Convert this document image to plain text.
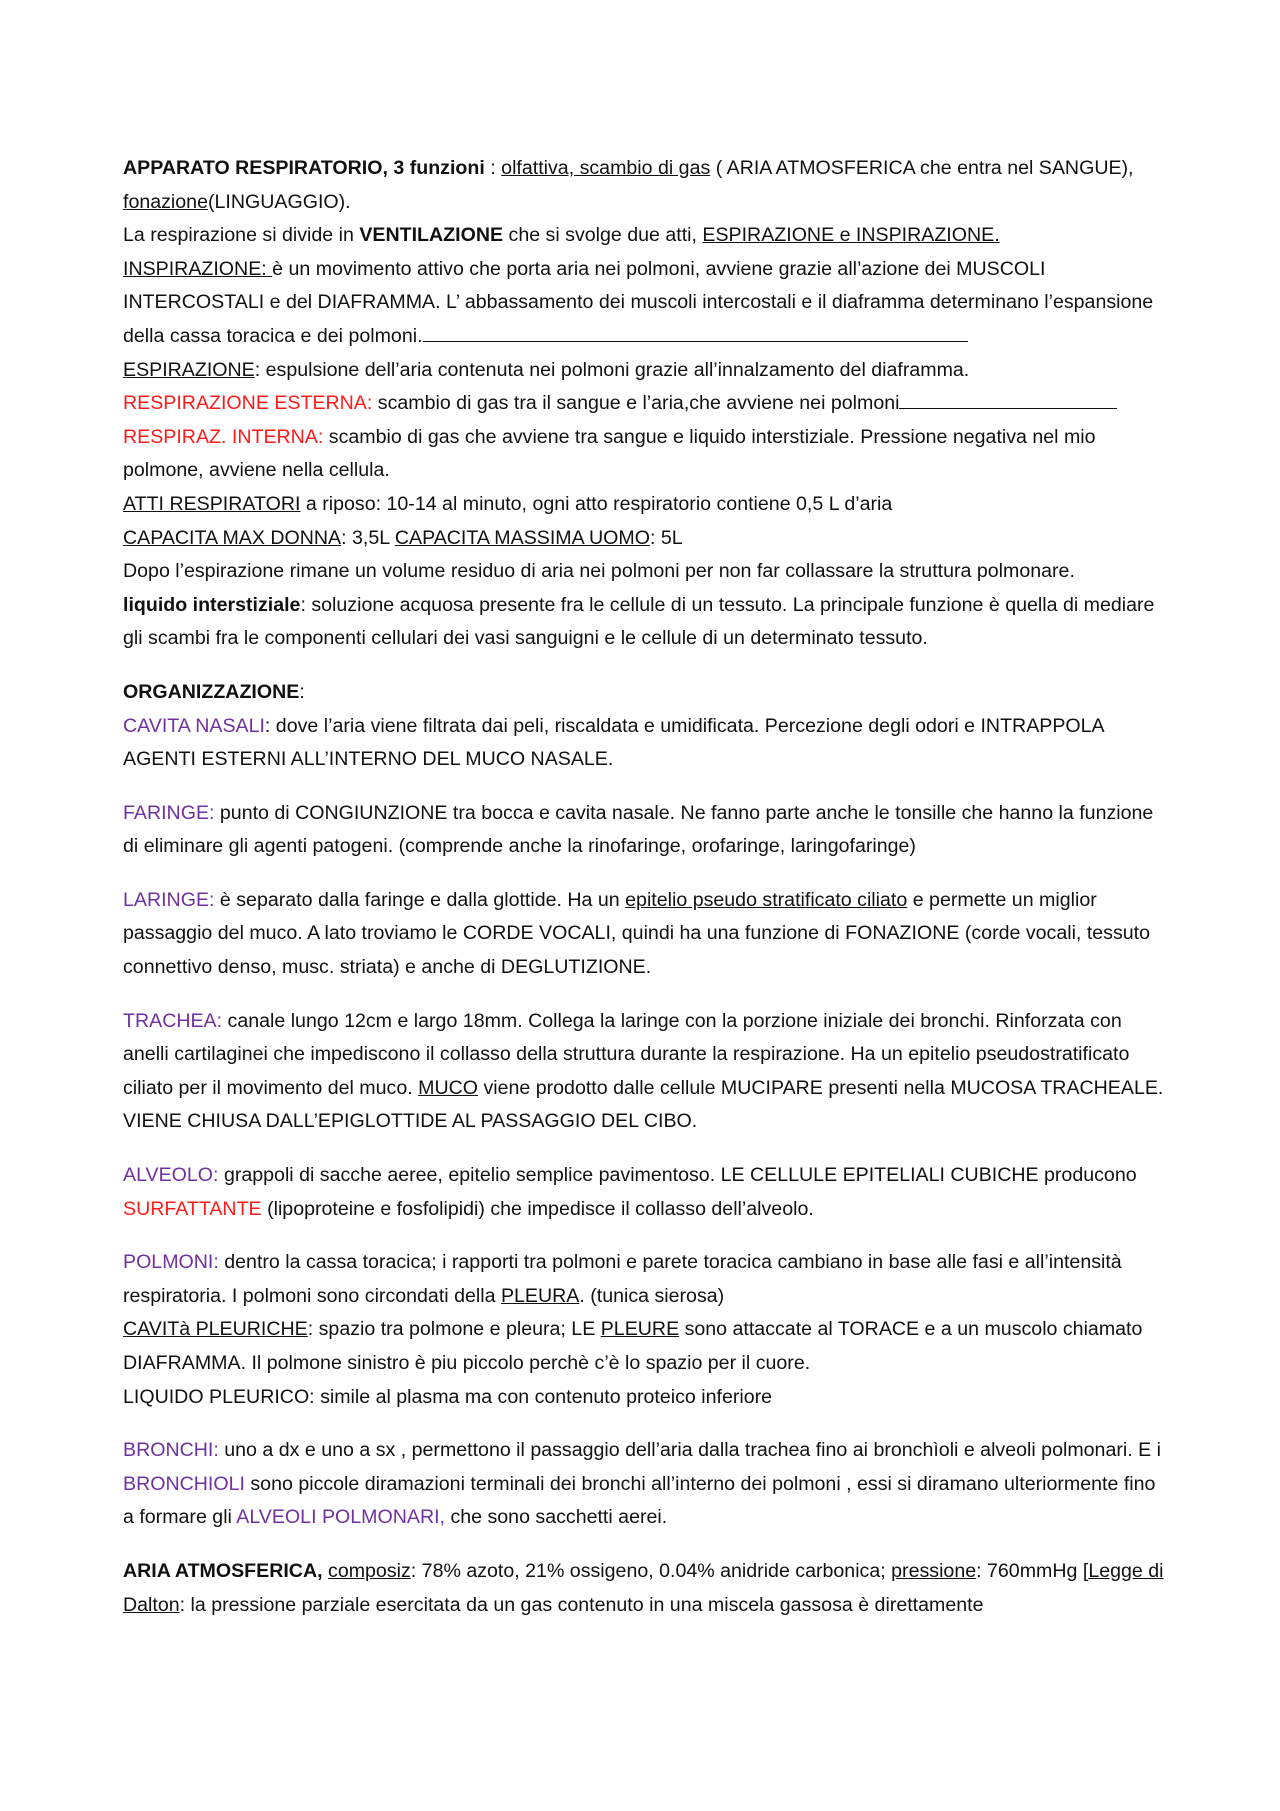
APPARATO RESPIRATORIO, 3 funzioni : olfattiva, scambio di gas ( ARIA ATMOSFERICA che entra nel SANGUE), fonazione(LINGUAGGIO).

La respirazione si divide in VENTILAZIONE che si svolge due atti, ESPIRAZIONE e INSPIRAZIONE.

INSPIRAZIONE: è un movimento attivo che porta aria nei polmoni, avviene grazie all’azione dei MUSCOLI INTERCOSTALI e del DIAFRAMMA. L’ abbassamento dei muscoli intercostali e il diaframma determinano l’espansione della cassa toracica e dei polmoni.

ESPIRAZIONE: espulsione dell’aria contenuta nei polmoni grazie all’innalzamento del diaframma.

RESPIRAZIONE ESTERNA: scambio di gas tra il sangue e l’aria,che avviene nei polmoni

RESPIRAZ. INTERNA: scambio di gas che avviene tra sangue e liquido interstiziale. Pressione negativa nel mio polmone, avviene nella cellula.

ATTI RESPIRATORI a riposo: 10-14 al minuto, ogni atto respiratorio contiene 0,5 L d’aria

CAPACITA MAX DONNA: 3,5L CAPACITA MASSIMA UOMO: 5L

Dopo l’espirazione rimane un volume residuo di aria nei polmoni per non far collassare la struttura polmonare.

liquido interstiziale: soluzione acquosa presente fra le cellule di un tessuto. La principale funzione è quella di mediare gli scambi fra le componenti cellulari dei vasi sanguigni e le cellule di un determinato tessuto.

ORGANIZZAZIONE:

CAVITA NASALI: dove l’aria viene filtrata dai peli, riscaldata e umidificata. Percezione degli odori e INTRAPPOLA AGENTI ESTERNI ALL’INTERNO DEL MUCO NASALE.

FARINGE: punto di CONGIUNZIONE tra bocca e cavita nasale. Ne fanno parte anche le tonsille che hanno la funzione di eliminare gli agenti patogeni. (comprende anche la rinofaringe, orofaringe, laringofaringe)

LARINGE: è separato dalla faringe e dalla glottide. Ha un epitelio pseudo stratificato ciliato e permette un miglior passaggio del muco. A lato troviamo le CORDE VOCALI, quindi ha una funzione di FONAZIONE (corde vocali, tessuto connettivo denso, musc. striata) e anche di DEGLUTIZIONE.

TRACHEA: canale lungo 12cm e largo 18mm. Collega la laringe con la porzione iniziale dei bronchi. Rinforzata con anelli cartilaginei che impediscono il collasso della struttura durante la respirazione. Ha un epitelio pseudostratificato ciliato per il movimento del muco. MUCO viene prodotto dalle cellule MUCIPARE presenti nella MUCOSA TRACHEALE. VIENE CHIUSA DALL’EPIGLOTTIDE AL PASSAGGIO DEL CIBO.

ALVEOLO: grappoli di sacche aeree, epitelio semplice pavimentoso. LE CELLULE EPITELIALI CUBICHE producono SURFATTANTE (lipoproteine e fosfolipidi) che impedisce il collasso dell’alveolo.

POLMONI: dentro la cassa toracica; i rapporti tra polmoni e parete toracica cambiano in base alle fasi e all’intensità respiratoria. I polmoni sono circondati della PLEURA. (tunica sierosa)

CAVITà PLEURICHE: spazio tra polmone e pleura; LE PLEURE sono attaccate al TORACE e a un muscolo chiamato DIAFRAMMA. Il polmone sinistro è piu piccolo perchè c’è lo spazio per il cuore.

LIQUIDO PLEURICO: simile al plasma ma con contenuto proteico inferiore

BRONCHI: uno a dx e uno a sx , permettono il passaggio dell’aria dalla trachea fino ai bronchìoli e alveoli polmonari. E i BRONCHIOLI sono piccole diramazioni terminali dei bronchi all’interno dei polmoni , essi si diramano ulteriormente fino a formare gli ALVEOLI POLMONARI, che sono sacchetti aerei.

ARIA ATMOSFERICA, composiz: 78% azoto, 21% ossigeno, 0.04% anidride carbonica; pressione: 760mmHg [Legge di Dalton: la pressione parziale esercitata da un gas contenuto in una miscela gassosa è direttamente
